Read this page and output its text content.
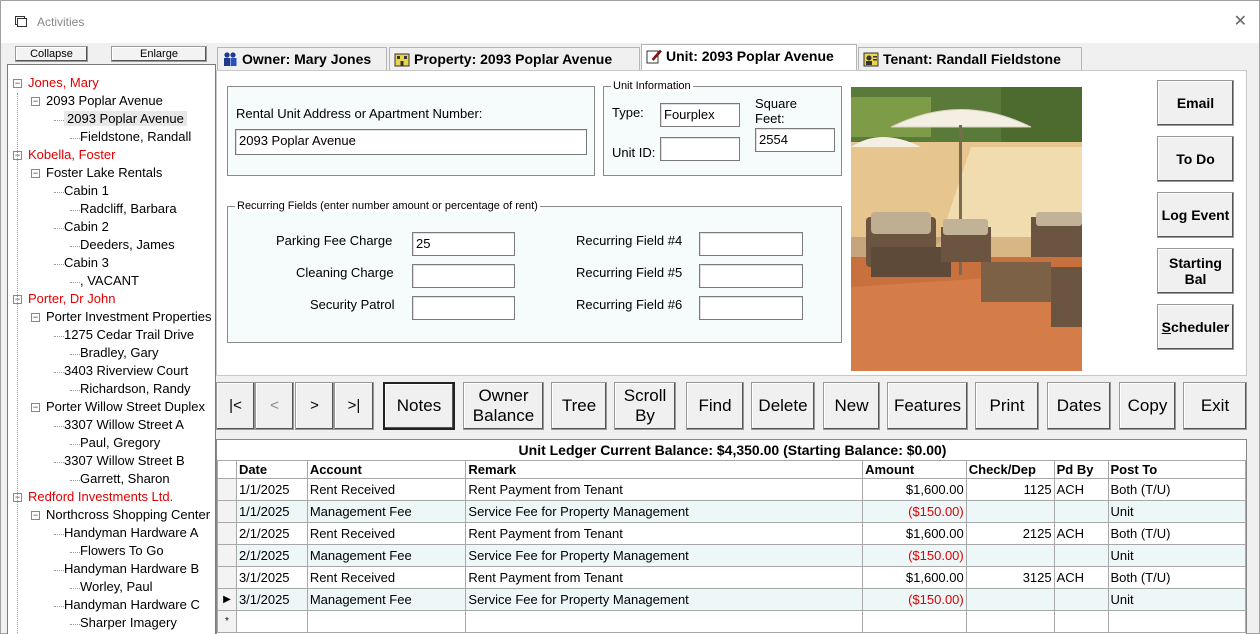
Activities	✕
Collapse	Enlarge
Jones, Mary
−
2093 Poplar Avenue
−
2093 Poplar Avenue
Fieldstone, Randall
Kobella, Foster
−
Foster Lake Rentals
−
Cabin 1
Radcliff, Barbara
Cabin 2
Deeders, James
Cabin 3
, VACANT
Porter, Dr John
−
Porter Investment Properties
−
1275 Cedar Trail Drive
Bradley, Gary
3403 Riverview Court
Richardson, Randy
Porter Willow Street Duplex
−
3307 Willow Street A
Paul, Gregory
3307 Willow Street B
Garrett, Sharon
Redford Investments Ltd.
−
Northcross Shopping Center
−
Handyman Hardware A
Flowers To Go
Handyman Hardware B
Worley, Paul
Handyman Hardware C
Sharper Imagery
Owner: Mary Jones	Property: 2093 Poplar Avenue	Unit: 2093 Poplar Avenue	Tenant: Randall Fieldstone
Rental Unit Address or Apartment Number:
2093 Poplar Avenue
Unit Information
Type:	Fourplex
Square
Feet:
2554
Unit ID:
Recurring Fields (enter number amount or percentage of rent)
Parking Fee Charge	25
Cleaning Charge
Security Patrol
Recurring Field #4
Recurring Field #5
Recurring Field #6
Email
To Do
Log Event
Starting
Bal
S cheduler
|<	<	>	>|	Notes
Owner
Balance
Tree
Scroll
By
Find	Delete	New	Features	Print	Dates	Copy	Exit
Unit Ledger Current Balance: $4,350.00 (Starting Balance: $0.00)
	Date	Account	Remark	Amount	Check/Dep	Pd By	Post To
	1/1/2025	Rent Received	Rent Payment from Tenant	$1,600.00	1125	ACH	Both (T/U)
	1/1/2025	Management Fee	Service Fee for Property Management	($150.00)			Unit
	2/1/2025	Rent Received	Rent Payment from Tenant	$1,600.00	2125	ACH	Both (T/U)
	2/1/2025	Management Fee	Service Fee for Property Management	($150.00)			Unit
	3/1/2025	Rent Received	Rent Payment from Tenant	$1,600.00	3125	ACH	Both (T/U)
▶	3/1/2025	Management Fee	Service Fee for Property Management	($150.00)			Unit
*							
